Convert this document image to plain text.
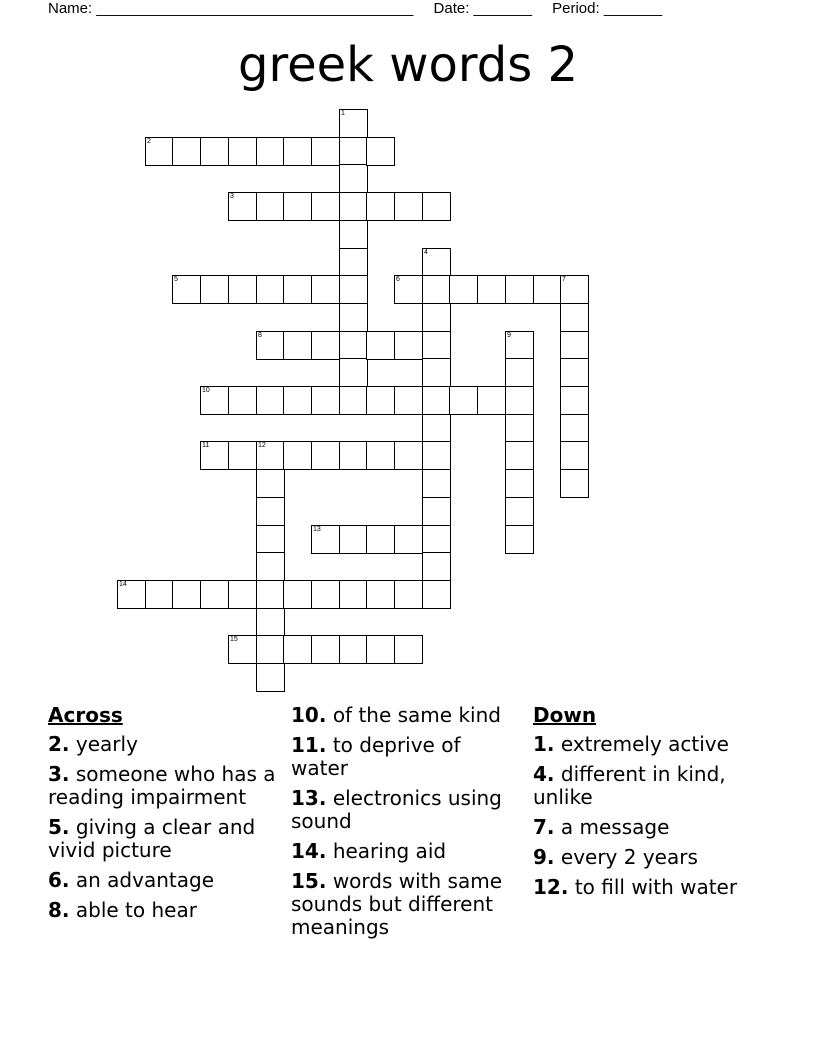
Name: ______________________________________ Date: _______ Period: _______
greek words 2
1
2
3
4
5	6	7
8	9
10
11	12
13
14
15
Across
2. yearly
3. someone who has a reading impairment
5. giving a clear and vivid picture
6. an advantage
8. able to hear
10. of the same kind
11. to deprive of water
13. electronics using sound
14. hearing aid
15. words with same sounds but different meanings
Down
1. extremely active
4. different in kind, unlike
7. a message
9. every 2 years
12. to fill with water
